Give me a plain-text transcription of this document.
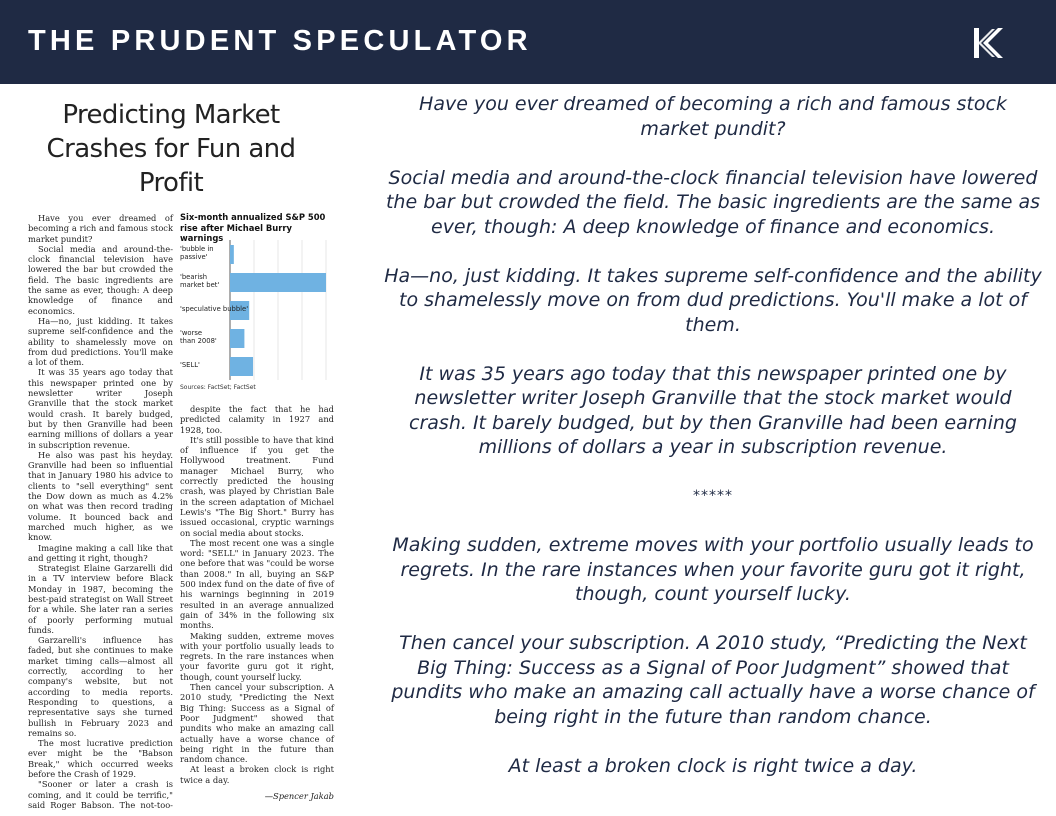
THE PRUDENT SPECULATOR
Predicting Market Crashes for Fun and Profit

Have you ever dreamed of becoming a rich and famous stock market pundit?

Social media and around-the-clock financial television have lowered the bar but crowded the field. The basic ingredients are the same as ever, though: A deep knowledge of finance and economics.

Ha—no, just kidding. It takes supreme self-confidence and the ability to shamelessly move on from dud predictions. You'll make a lot of them.

It was 35 years ago today that this newspaper printed one by newsletter writer Joseph Granville that the stock market would crash. It barely budged, but by then Granville had been earning millions of dollars a year in subscription revenue.

He also was past his heyday. Granville had been so influential that in January 1980 his advice to clients to "sell everything" sent the Dow down as much as 4.2% on what was then record trading volume. It bounced back and marched much higher, as we know.

Imagine making a call like that and getting it right, though?

Strategist Elaine Garzarelli did in a TV interview before Black Monday in 1987, becoming the best-paid strategist on Wall Street for a while. She later ran a series of poorly performing mutual funds.

Garzarelli's influence has faded, but she continues to make market timing calls—almost all correctly, according to her company's website, but not according to media reports. Responding to questions, a representative says she turned bullish in February 2023 and remains so.

The most lucrative prediction ever might be the "Babson Break," which occurred weeks before the Crash of 1929.

"Sooner or later a crash is coming, and it could be terrific," said Roger Babson. The not-too-

Six-month annualized S&P 500 rise after Michael Burry warnings
'bubble in passive'
'bearish market bet'
'speculative bubble'
'worse than 2008'
'SELL'
Sources: FactSet; FactSet

despite the fact that he had predicted calamity in 1927 and 1928, too.

It's still possible to have that kind of influence if you get the Hollywood treatment. Fund manager Michael Burry, who correctly predicted the housing crash, was played by Christian Bale in the screen adaptation of Michael Lewis's "The Big Short." Burry has issued occasional, cryptic warnings on social media about stocks.

The most recent one was a single word: "SELL" in January 2023. The one before that was "could be worse than 2008." In all, buying an S&P 500 index fund on the date of five of his warnings beginning in 2019 resulted in an average annualized gain of 34% in the following six months.

Making sudden, extreme moves with your portfolio usually leads to regrets. In the rare instances when your favorite guru got it right, though, count yourself lucky.

Then cancel your subscription. A 2010 study, "Predicting the Next Big Thing: Success as a Signal of Poor Judgment" showed that pundits who make an amazing call actually have a worse chance of being right in the future than random chance.

At least a broken clock is right twice a day.

—Spencer Jakab

Have you ever dreamed of becoming a rich and famous stock market pundit?

Social media and around-the-clock financial television have lowered the bar but crowded the field. The basic ingredients are the same as ever, though: A deep knowledge of finance and economics.

Ha—no, just kidding. It takes supreme self-confidence and the ability to shamelessly move on from dud predictions. You'll make a lot of them.

It was 35 years ago today that this newspaper printed one by newsletter writer Joseph Granville that the stock market would crash. It barely budged, but by then Granville had been earning millions of dollars a year in subscription revenue.

*****

Making sudden, extreme moves with your portfolio usually leads to regrets. In the rare instances when your favorite guru got it right, though, count yourself lucky.

Then cancel your subscription. A 2010 study, “Predicting the Next Big Thing: Success as a Signal of Poor Judgment” showed that pundits who make an amazing call actually have a worse chance of being right in the future than random chance.

At least a broken clock is right twice a day.
